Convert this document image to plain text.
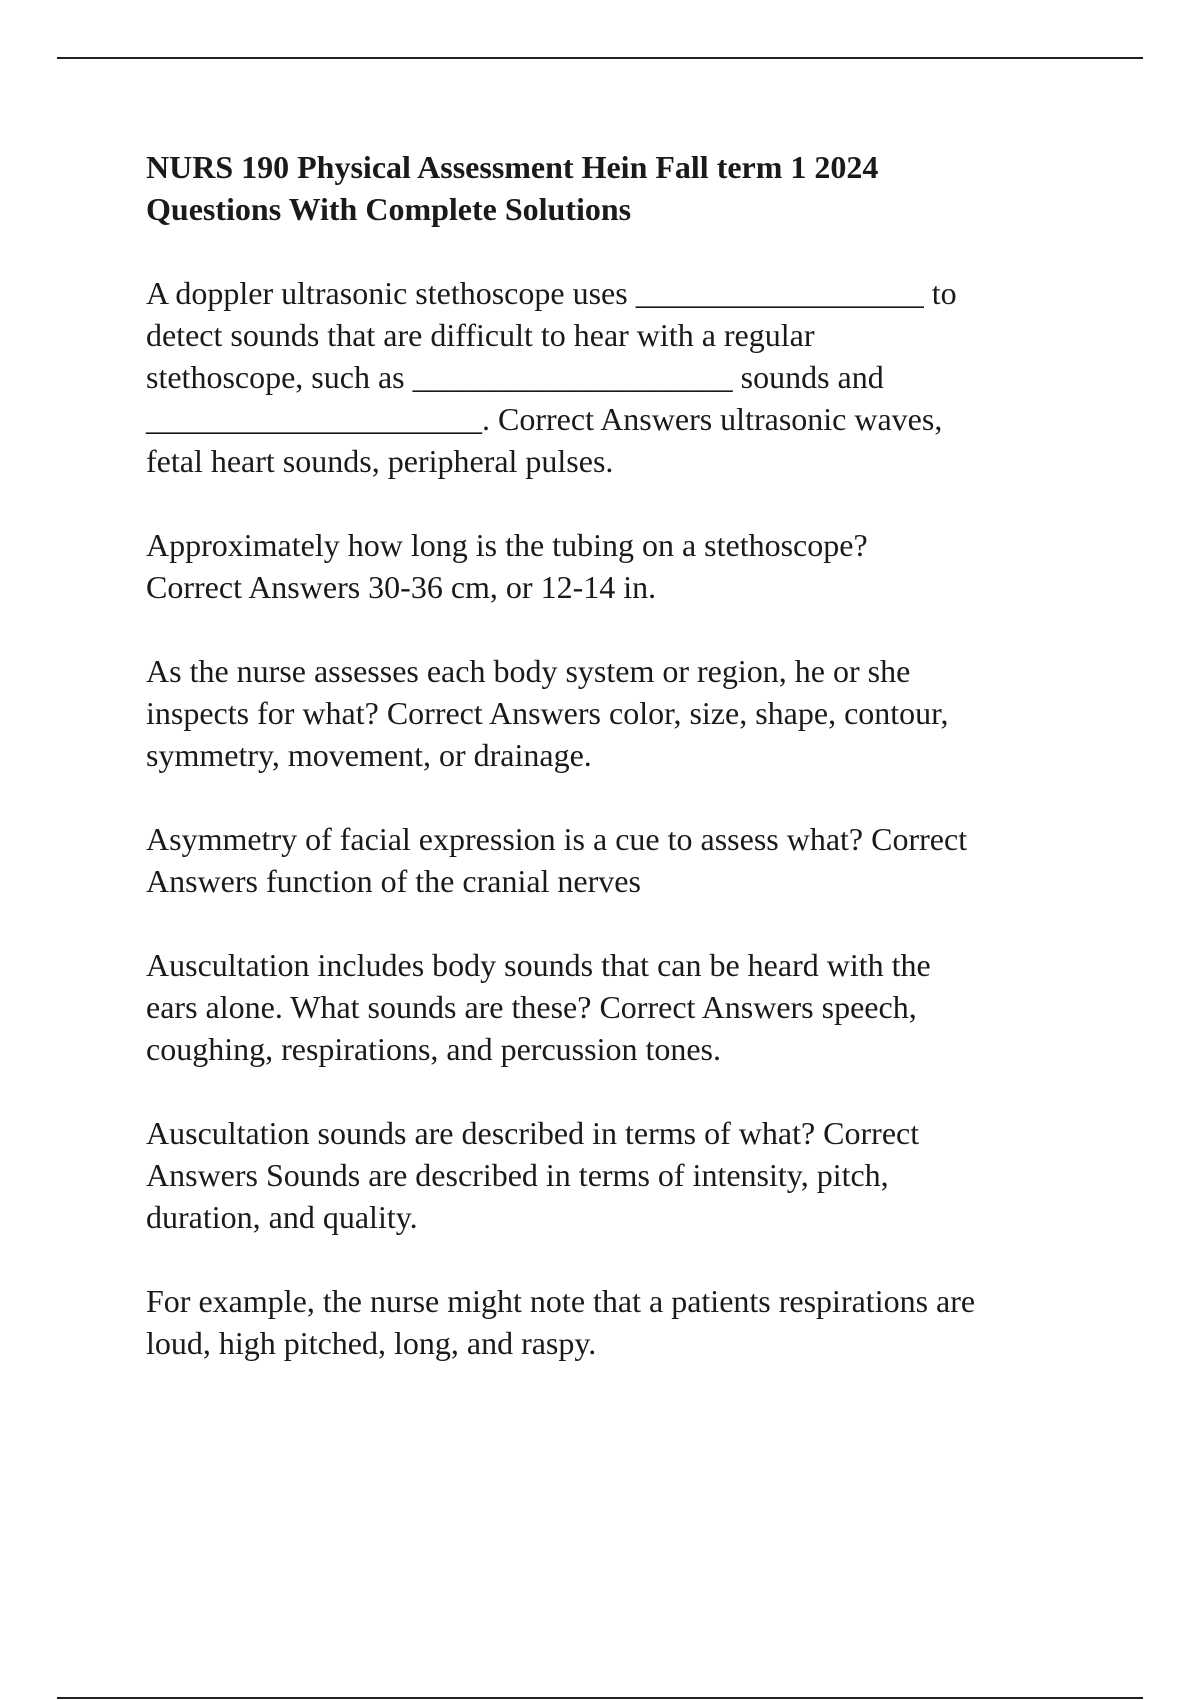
NURS 190 Physical Assessment Hein Fall term 1 2024
Questions With Complete Solutions
A doppler ultrasonic stethoscope uses __________________ to
detect sounds that are difficult to hear with a regular
stethoscope, such as ____________________ sounds and
_____________________. Correct Answers ultrasonic waves,
fetal heart sounds, peripheral pulses.
Approximately how long is the tubing on a stethoscope?
Correct Answers 30-36 cm, or 12-14 in.
As the nurse assesses each body system or region, he or she
inspects for what? Correct Answers color, size, shape, contour,
symmetry, movement, or drainage.
Asymmetry of facial expression is a cue to assess what? Correct
Answers function of the cranial nerves
Auscultation includes body sounds that can be heard with the
ears alone. What sounds are these? Correct Answers speech,
coughing, respirations, and percussion tones.
Auscultation sounds are described in terms of what? Correct
Answers Sounds are described in terms of intensity, pitch,
duration, and quality.
For example, the nurse might note that a patients respirations are
loud, high pitched, long, and raspy.
